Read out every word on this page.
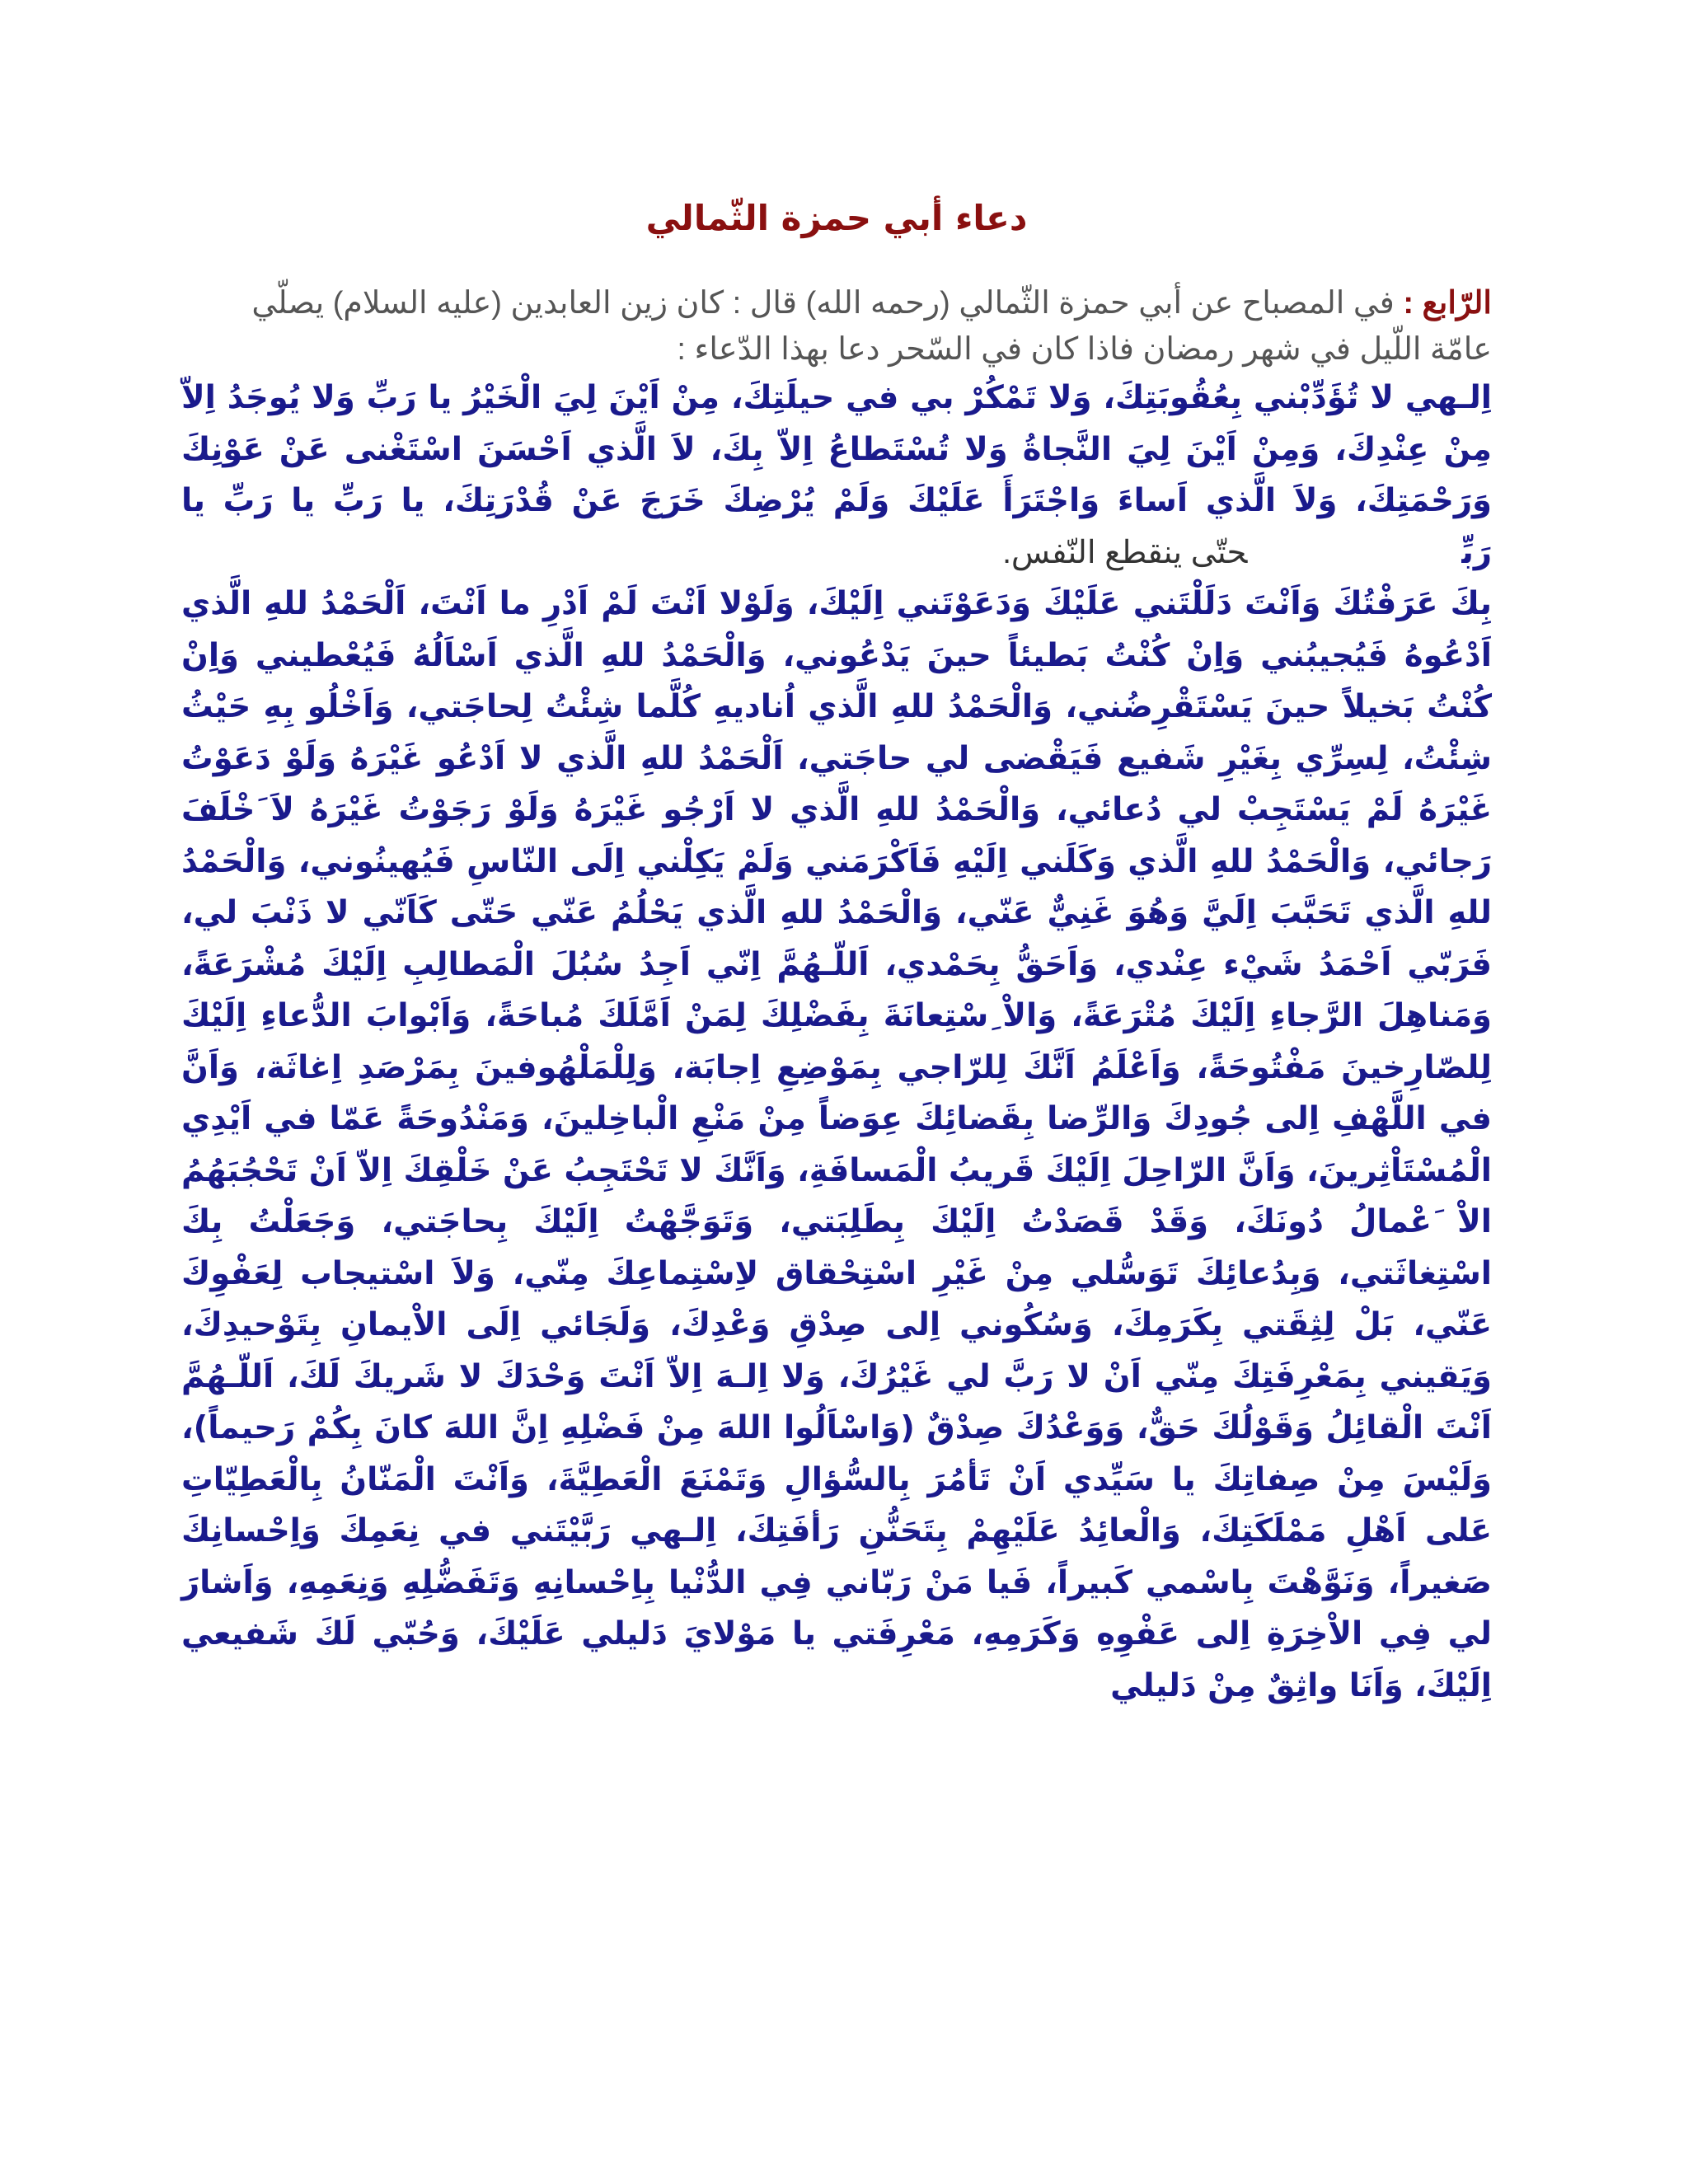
دعاء أبي حمزة الثّمالي

الرّابع : في المصباح عن أبي حمزة الثّمالي (رحمه الله) قال : كان زين العابدين (عليه السلام) يصلّي عامّة اللّيل في شهر رمضان فاذا كان في السّحر دعا بهذا الدّعاء :

اِلـهي لا تُؤَدِّبْني بِعُقُوبَتِكَ، وَلا تَمْكُرْ بي في حيلَتِكَ، مِنْ اَيْنَ لِيَ الْخَيْرُ يا رَبِّ وَلا يُوجَدُ اِلاّ مِنْ عِنْدِكَ، وَمِنْ اَيْنَ لِيَ النَّجاةُ وَلا تُسْتَطاعُ اِلاّ بِكَ، لاَ الَّذي اَحْسَنَ اسْتَغْنى عَنْ عَوْنِكَ وَرَحْمَتِكَ، وَلاَ الَّذي اَساءَ وَاجْتَرَأَ عَلَيْكَ وَلَمْ يُرْضِكَ خَرَجَ عَنْ قُدْرَتِكَ، يا رَبِّ يا رَبِّ يا رَبِّحتّى ينقطع النّفس.

بِكَ عَرَفْتُكَ وَاَنْتَ دَلَلْتَني عَلَيْكَ وَدَعَوْتَني اِلَيْكَ، وَلَوْلا اَنْتَ لَمْ اَدْرِ ما اَنْتَ، اَلْحَمْدُ للهِ الَّذي اَدْعُوهُ فَيُجيبُني وَاِنْ كُنْتُ بَطيئاً حينَ يَدْعُوني، وَالْحَمْدُ للهِ الَّذي اَسْاَلُهُ فَيُعْطيني وَاِنْ كُنْتُ بَخيلاً حينَ يَسْتَقْرِضُني، وَالْحَمْدُ للهِ الَّذي اُناديهِ كُلَّما شِئْتُ لِحاجَتي، وَاَخْلُو بِهِ حَيْثُ شِئْتُ، لِسِرِّي بِغَيْرِ شَفيع فَيَقْضى لي حاجَتي، اَلْحَمْدُ للهِ الَّذي لا اَدْعُو غَيْرَهُ وَلَوْ دَعَوْتُ غَيْرَهُ لَمْ يَسْتَجِبْ لي دُعائي، وَالْحَمْدُ للهِ الَّذي لا اَرْجُو غَيْرَهُ وَلَوْ رَجَوْتُ غَيْرَهُ لاَ َخْلَفَ رَجائي، وَالْحَمْدُ للهِ الَّذي وَكَلَني اِلَيْهِ فَاَكْرَمَني وَلَمْ يَكِلْني اِلَى النّاسِ فَيُهينُوني، وَالْحَمْدُ للهِ الَّذي تَحَبَّبَ اِلَيَّ وَهُوَ غَنِيٌّ عَنّي، وَالْحَمْدُ للهِ الَّذي يَحْلُمُ عَنّي حَتّى كَاَنّي لا ذَنْبَ لي، فَرَبّي اَحْمَدُ شَيْء عِنْدي، وَاَحَقُّ بِحَمْدي، اَللّـهُمَّ اِنّي اَجِدُ سُبُلَ الْمَطالِبِ اِلَيْكَ مُشْرَعَةً، وَمَناهِلَ الرَّجاءِ اِلَيْكَ مُتْرَعَةً، وَالاْ ِسْتِعانَةَ بِفَضْلِكَ لِمَنْ اَمَّلَكَ مُباحَةً، وَاَبْوابَ الدُّعاءِ اِلَيْكَ لِلصّارِخينَ مَفْتُوحَةً، وَاَعْلَمُ اَنَّكَ لِلرّاجي بِمَوْضِعِ اِجابَة، وَلِلْمَلْهُوفينَ بِمَرْصَدِ اِغاثَة، وَاَنَّ في اللَّهْفِ اِلى جُودِكَ وَالرِّضا بِقَضائِكَ عِوَضاً مِنْ مَنْعِ الْباخِلينَ، وَمَنْدُوحَةً عَمّا في اَيْدِي الْمُسْتَاْثِرينَ، وَاَنَّ الرّاحِلَ اِلَيْكَ قَريبُ الْمَسافَةِ، وَاَنَّكَ لا تَحْتَجِبُ عَنْ خَلْقِكَ اِلاّ اَنْ تَحْجُبَهُمُ الاْ َعْمالُ دُونَكَ، وَقَدْ قَصَدْتُ اِلَيْكَ بِطَلِبَتي، وَتَوَجَّهْتُ اِلَيْكَ بِحاجَتي، وَجَعَلْتُ بِكَ اسْتِغاثَتي، وَبِدُعائِكَ تَوَسُّلي مِنْ غَيْرِ اسْتِحْقاق لاِسْتِماعِكَ مِنّي، وَلاَ اسْتيجاب لِعَفْوِكَ عَنّي، بَلْ لِثِقَتي بِكَرَمِكَ، وَسُكُوني اِلى صِدْقِ وَعْدِكَ، وَلَجَائي اِلَى الاْيمانِ بِتَوْحيدِكَ، وَيَقيني بِمَعْرِفَتِكَ مِنّي اَنْ لا رَبَّ لي غَيْرُكَ، وَلا اِلـهَ اِلاّ اَنْتَ وَحْدَكَ لا شَريكَ لَكَ، اَللّـهُمَّ اَنْتَ الْقائِلُ وَقَوْلُكَ حَقٌّ، وَوَعْدُكَ صِدْقٌ (وَاسْاَلُوا اللهَ مِنْ فَضْلِهِ اِنَّ اللهَ كانَ بِكُمْ رَحيماً)، وَلَيْسَ مِنْ صِفاتِكَ يا سَيِّدي اَنْ تَأمُرَ بِالسُّؤالِ وَتَمْنَعَ الْعَطِيَّةَ، وَاَنْتَ الْمَنّانُ بِالْعَطِيّاتِ عَلى اَهْلِ مَمْلَكَتِكَ، وَالْعائِدُ عَلَيْهِمْ بِتَحَنُّنِ رَأفَتِكَ، اِلـهي رَبَّيْتَني في نِعَمِكَ وَاِحْسانِكَ صَغيراً، وَنَوَّهْتَ بِاسْمي كَبيراً، فَيا مَنْ رَبّاني فِي الدُّنْيا بِاِحْسانِهِ وَتَفَضُّلِهِ وَنِعَمِهِ، وَاَشارَ لي فِي الاْخِرَةِ اِلى عَفْوِهِ وَكَرَمِهِ، مَعْرِفَتي يا مَوْلايَ دَليلي عَلَيْكَ، وَحُبّي لَكَ شَفيعي اِلَيْكَ، وَاَنَا واثِقٌ مِنْ دَليلي
